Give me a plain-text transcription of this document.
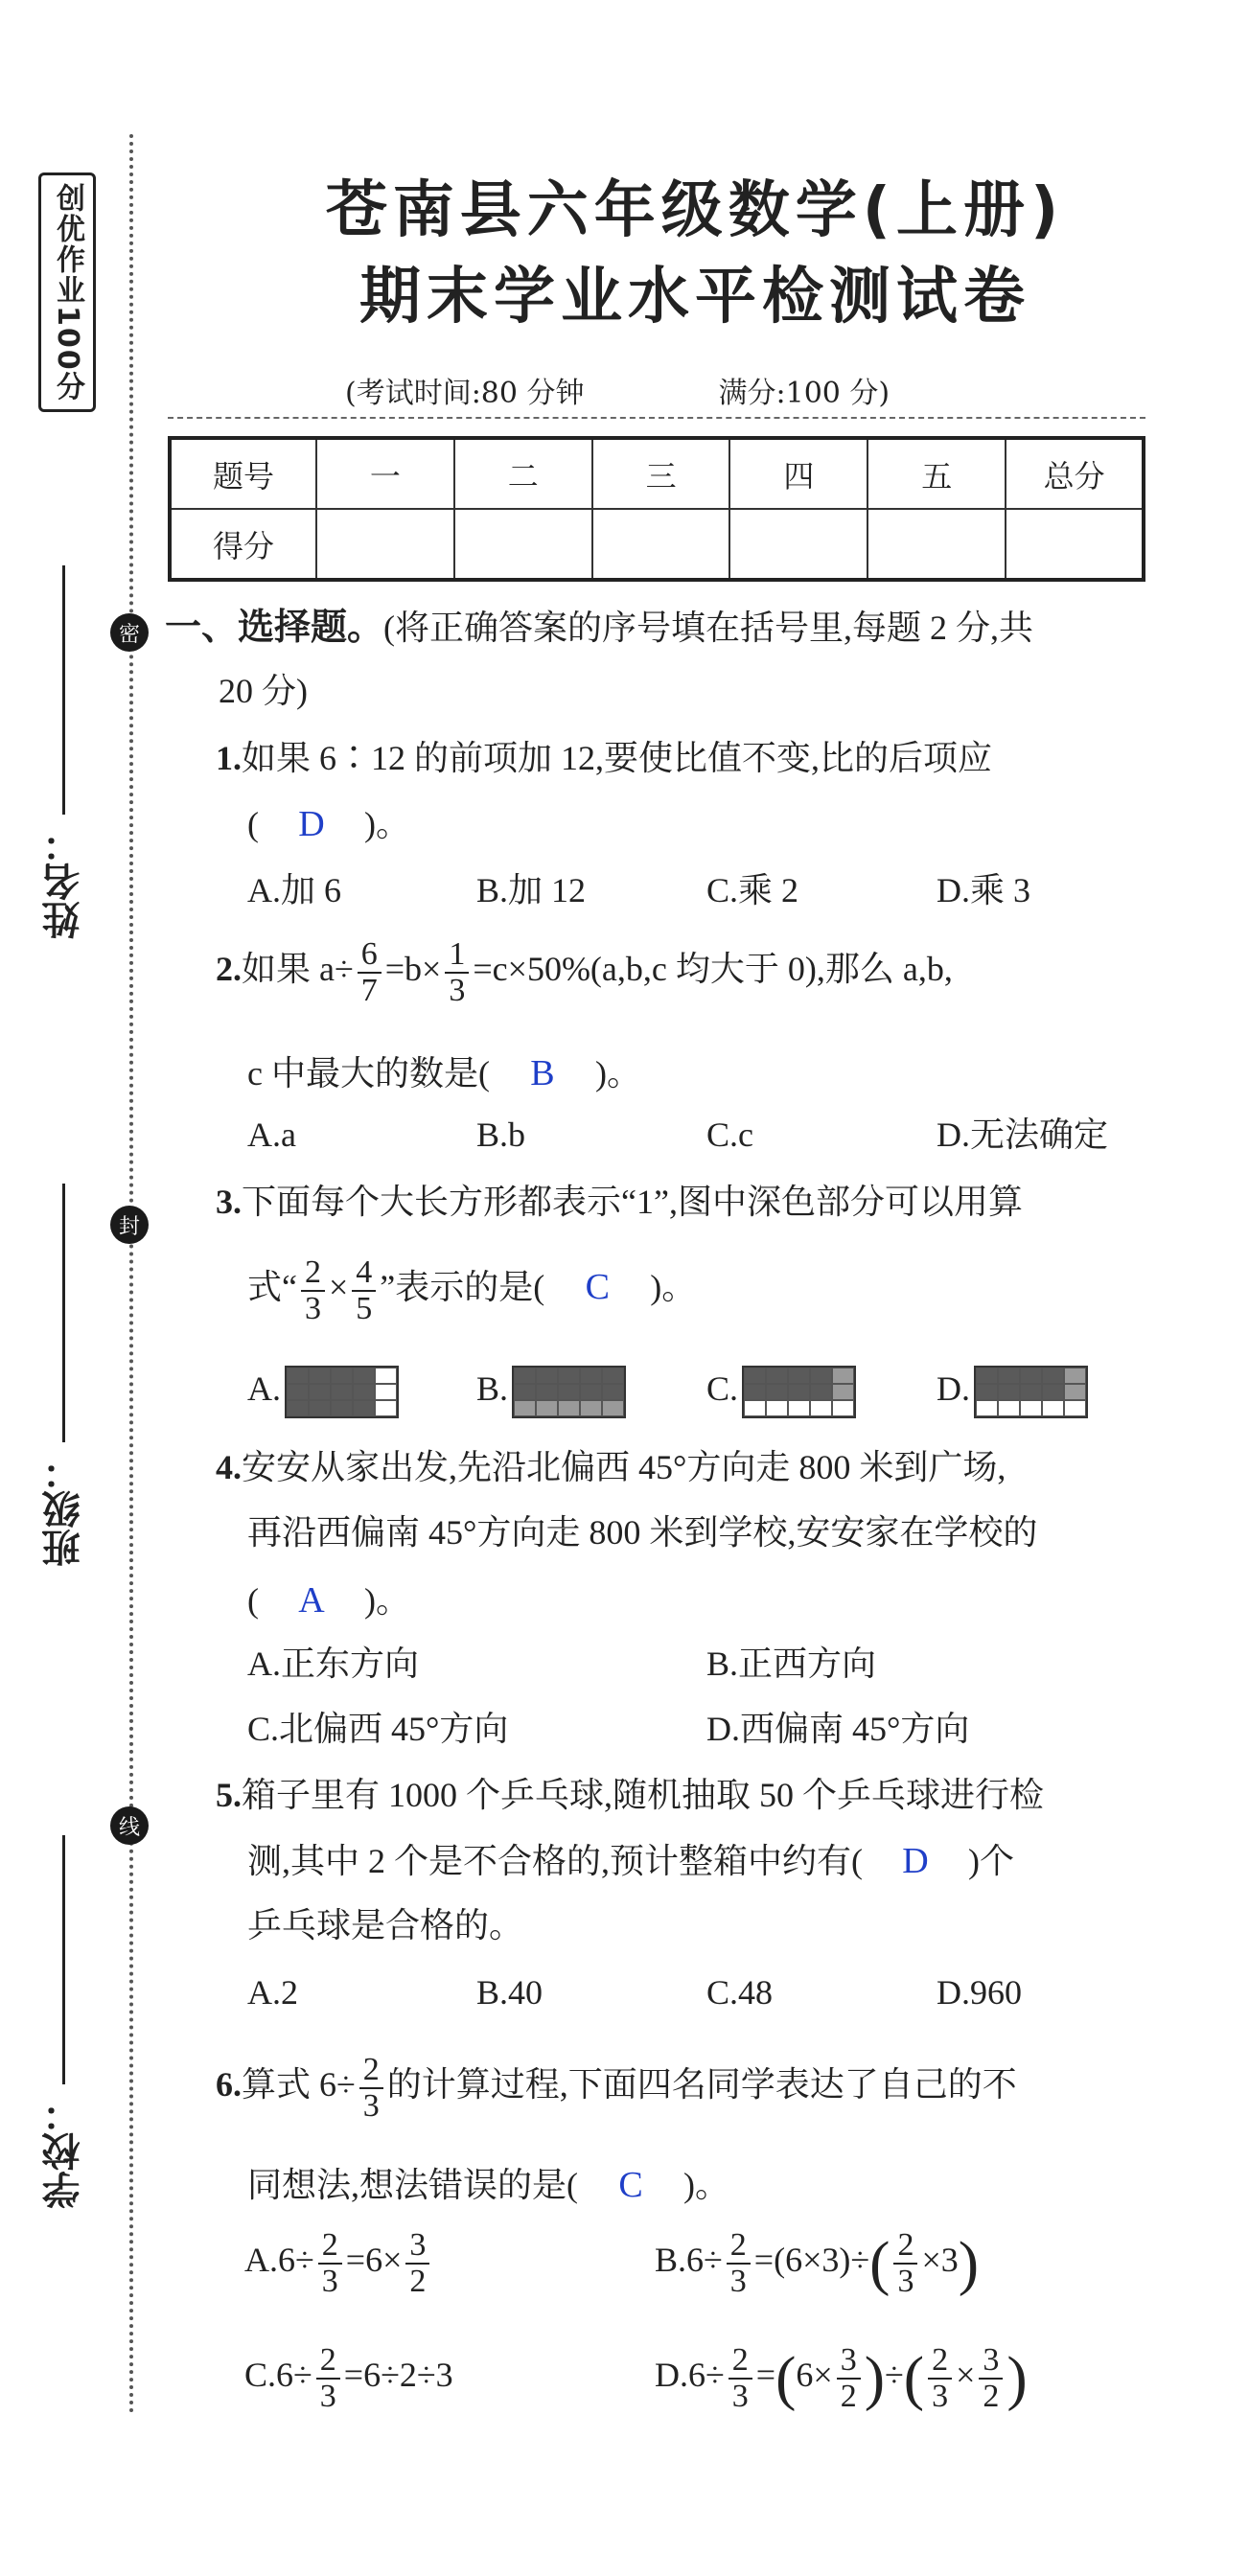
创优作业100分
密
封
线
姓名：
班级：
学校：
苍南县六年级数学(上册)
期末学业水平检测试卷
(考试时间:80 分钟	满分:100 分)
题号	一	二	三	四	五	总分
得分						
一、选择题。(将正确答案的序号填在括号里,每题 2 分,共
20 分)
1.如果 6∶12 的前项加 12,要使比值不变,比的后项应
( D )。
A.加 6	B.加 12	C.乘 2	D.乘 3
2.如果 $a\div \frac{6}{7} =b\times \frac{1}{3} =c\times 50\%(a,b,c$ 均大于 0),那么 a,b,
c 中最大的数是( B )。
A.a	B.b	C.c	D.无法确定
3.下面每个大长方形都表示“1”,图中深色部分可以用算
式“ $\frac{2}{3} \times \frac{4}{5}$ ”表示的是( C )。
A.	B.	C.	D.
4.安安从家出发,先沿北偏西 45°方向走 800 米到广场,
再沿西偏南 45°方向走 800 米到学校,安安家在学校的
( A )。
A.正东方向	B.正西方向
C.北偏西 45°方向	D.西偏南 45°方向
5.箱子里有 1000 个乒乓球,随机抽取 50 个乒乓球进行检
测,其中 2 个是不合格的,预计整箱中约有( D )个
乒乓球是合格的。
A.2	B.40	C.48	D.960
6.算式 $6\div \frac{2}{3}$ 的计算过程,下面四名同学表达了自己的不
同想法,想法错误的是( C )。
$A.6\div \frac{2}{3} =6\times \frac{3}{2}$	$B.6\div \frac{2}{3} =(6\times 3)\div( \frac{2}{3} \times 3)$
$C.6\div \frac{2}{3} =6\div 2\div 3$	$D.6\div \frac{2}{3} =(6\times \frac{3}{2}$ )÷( $\frac{2}{3} \times \frac{3}{2}$ )
